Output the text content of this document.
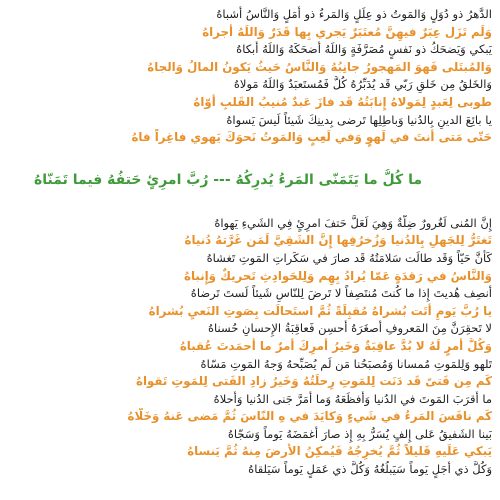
الدَّهرُ ذو دُوَلٍ وَالمَوتُ ذو عِلَلٍ وَالمَرءُ ذو أَمَلٍ وَالنَّاسُ أَشباهُ
وَلَم تَزَل عِبَرٌ فيهِنَّ مُعتَبَرٌ يَجري بِها قَدَرٌ وَاللَهُ أَجراهُ
يَبكي وَيَضحَكُ ذو نَفسٍ مُصَرَّفَةٍ وَاللَهُ أَضحَكَهُ وَاللَهُ أَبكاهُ
وَالمُبتَلى فَهوَ المَهجورُ جانِبُهُ وَالنَّاسُ حَيثُ يَكونُ المالُ وَالجاهُ
وَالخَلقُ مِن خَلقِ رَبّي قَد يُدَبِّرُهُ كُلٌّ فَمُستَعبَدٌ وَاللَهُ مَولاهُ
طوبى لِعَبدٍ لِمَولاهُ إِنابَتُهُ قَد فازَ عَبدٌ مُنيبُ القَلبِ أَوّاهُ
يا بائِعَ الدينِ بِالدُنيا وَباطِلِها تَرضى بِدينِكَ شَيئاً لَيسَ يَسواهُ
حَتّى مَتى أَنتَ في لَهوٍ وَفي لَعِبٍ وَالمَوتُ نَحوَكَ يَهوي فاغِراً فاهُ
ما كُلُّ ما يَتَمَنّى المَرءُ يُدرِكُهُ --- رُبَّ امرِئٍ حَتفُهُ فيما تَمَنّاهُ
إِنَّ المُنى لَغُرورٌ ضِلَّةٌ وَهِيَ لَعَلَّ حَتفَ امرِئٍ فِي الشَيءِ يَهواهُ
تَغتَرُّ لِلجَهلِ بِالدُنيا وَزُخرُفِها إِنَّ الشَقِيَّ لَمَن غَرَّتهُ دُنياهُ
كَأَنَّ حَيّاً وَقَد طالَت سَلامَتُهُ قَد صارَ في سَكَراتِ المَوتِ تَغشاهُ
وَالنَّاسُ في رَقدَةٍ عَمّا يُرادُ بِهِم وَلِلحَوادِثِ تَحريكٌ وَإِنباهُ
أَنصِف هُديتَ إِذا ما كُنتَ مُنتَصِفاً لا تَرضَ لِلنّاسِ شَيئاً لَستَ تَرضاهُ
يا رُبَّ يَومٍ أَتَت بُشراهُ مُقبِلَةً ثُمَّ استَحالَت بِصَوتِ النَعيِ بُشراهُ
لا تَحقِرَنَّ مِنَ المَعروفِ أَصغَرَهُ أَحسِن فَعاقِبَةُ الإِحسانِ حُسناهُ
وَكُلُّ أَمرٍ لَهُ لا بُدَّ عاقِبَةٌ وَخَيرُ أَمرِكَ أَمرٌ ما أَحمَدتَ عُقباهُ
تَلهو وَلِلمَوتِ مُمسانا وَمُصبَحُنا مَن لَم يُصَبِّحهُ وَجهُ المَوتِ مَسّاهُ
كَم مِن فَتىً قَد دَنَت لِلمَوتِ رِحلَتُهُ وَخَيرُ زادِ الفَتى لِلمَوتِ تَقواهُ
ما أَقرَبَ المَوتَ في الدُنيا وَأَفظَعَهُ وَما أَمَرَّ جَنى الدُنيا وَأَحلاهُ
كَم نافَسَ المَرءُ في شَيءٍ وَكايَدَ في هِ النّاسَ ثُمَّ مَضى عَنهُ وَخَلّاهُ
بَينا الشَفيقُ عَلى إِلفٍ يُسَرُّ بِهِ إِذ صارَ أَغمَضَهُ يَوماً وَسَجّاهُ
يَبكي عَلَيهِ قَليلاً ثُمَّ يُخرِجُهُ فَيُمكِنُ الأَرضَ مِنهُ ثُمَّ يَنساهُ
وَكُلُّ ذي أَجَلٍ يَوماً سَيَبلُغُهُ وَكُلُّ ذي عَمَلٍ يَوماً سَيَلقاهُ
